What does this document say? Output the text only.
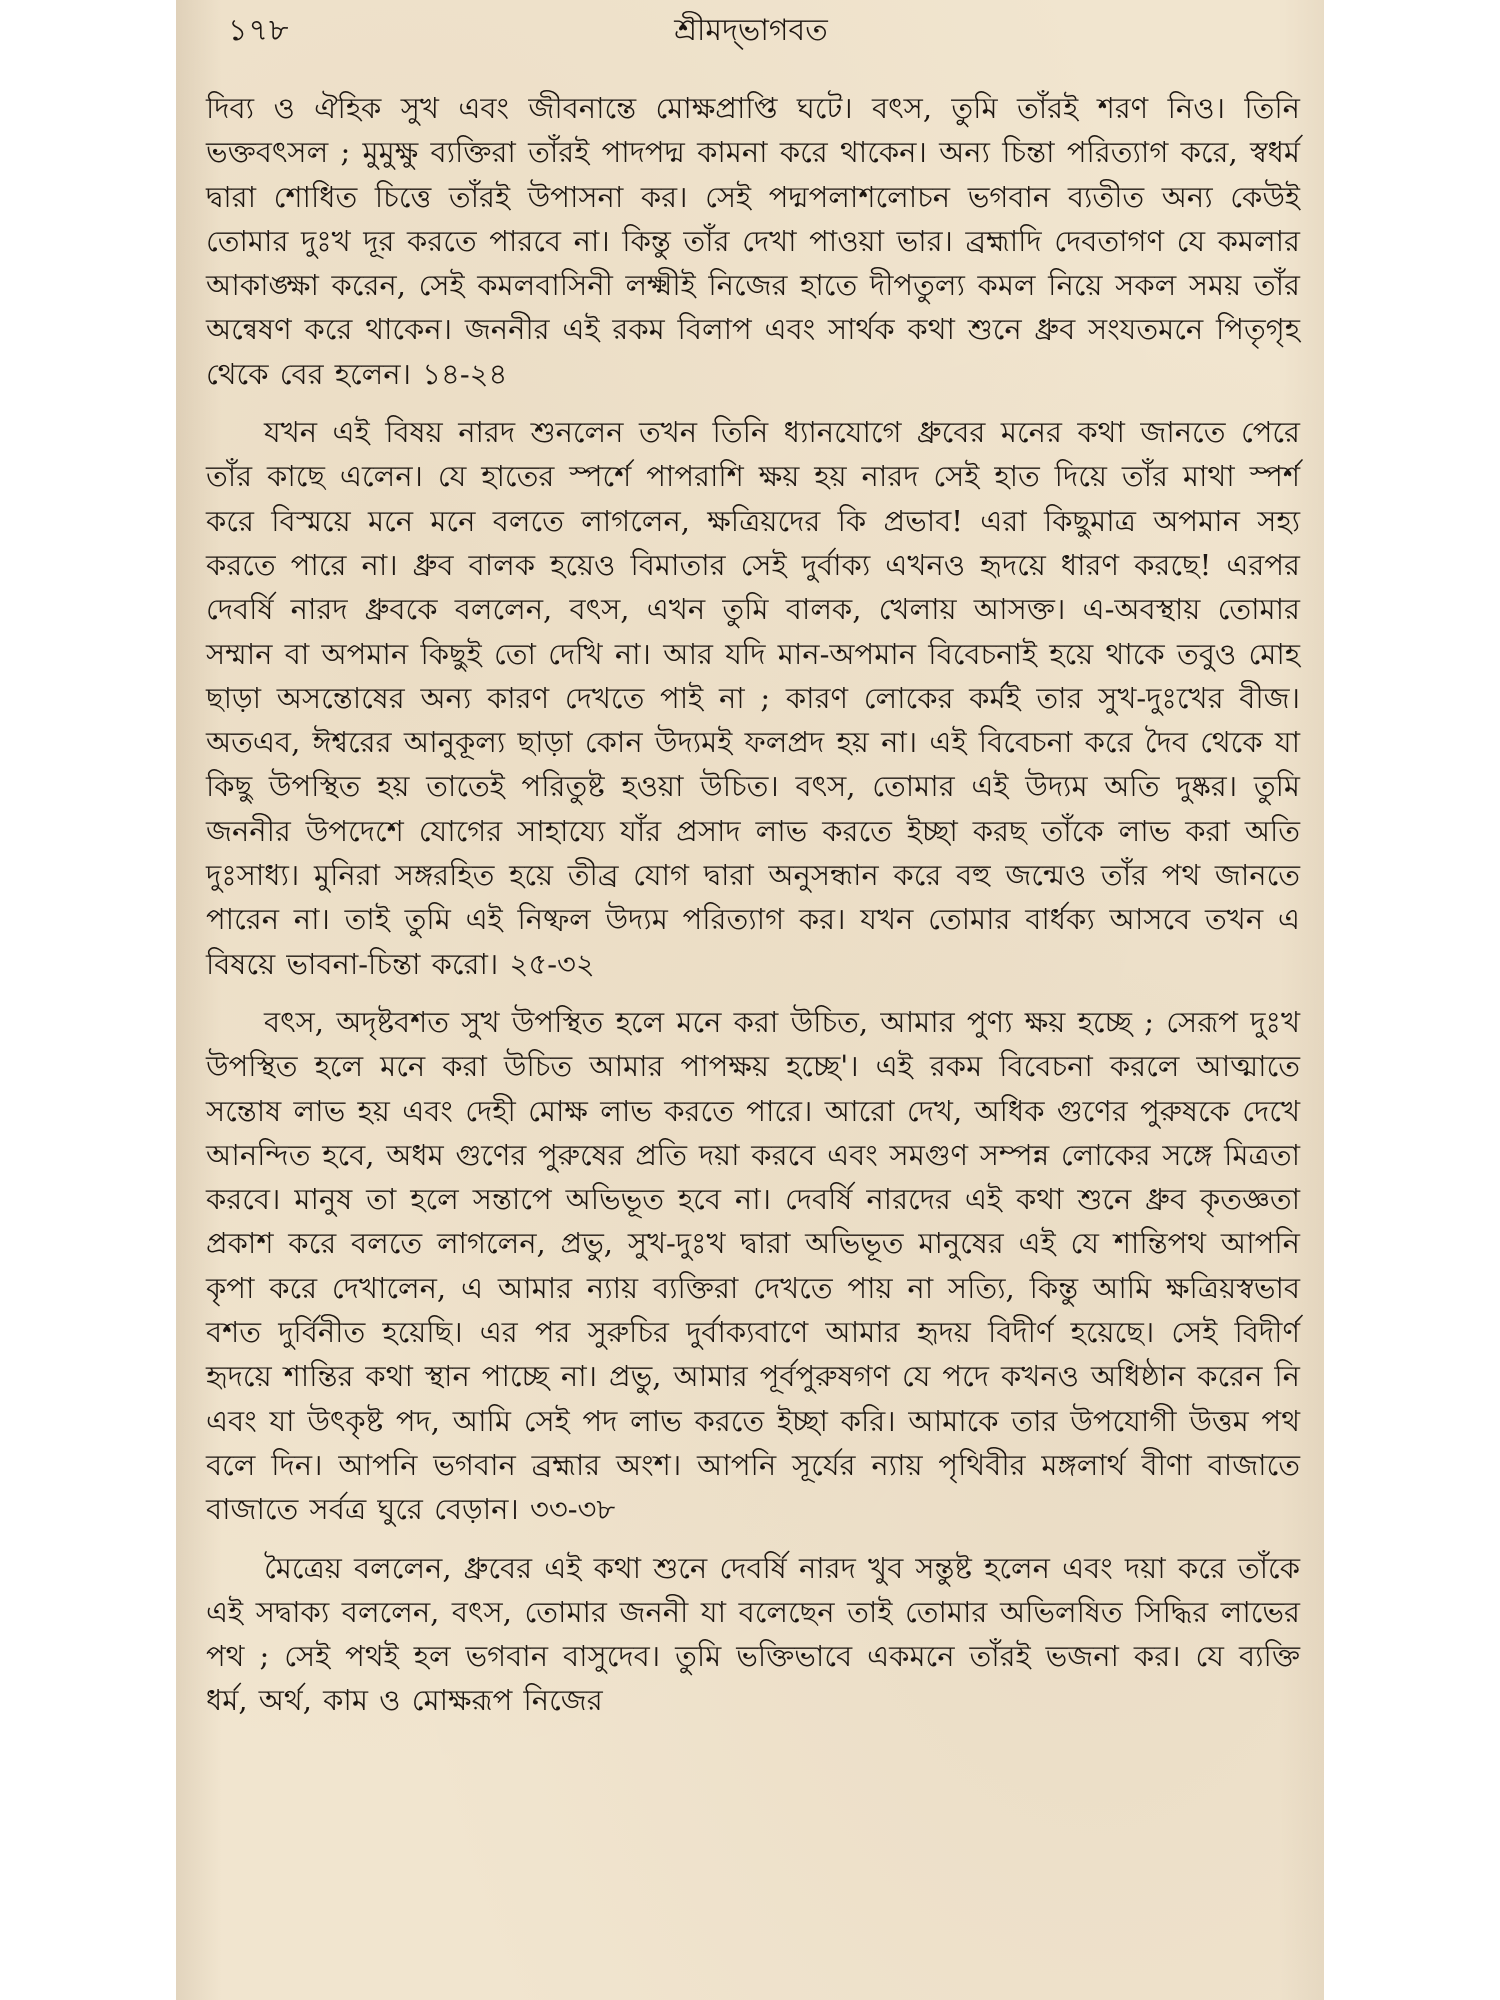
১৭৮	শ্রীমদ্‌ভাগবত

দিব্য ও ঐহিক সুখ এবং জীবনান্তে মোক্ষপ্রাপ্তি ঘটে। বৎস, তুমি তাঁরই শরণ নিও। তিনি ভক্তবৎসল ; মুমুক্ষু ব্যক্তিরা তাঁরই পাদপদ্ম কামনা করে থাকেন। অন্য চিন্তা পরিত্যাগ করে, স্বধর্ম দ্বারা শোধিত চিত্তে তাঁরই উপাসনা কর। সেই পদ্মপলাশলোচন ভগবান ব্যতীত অন্য কেউই তোমার দুঃখ দূর করতে পারবে না। কিন্তু তাঁর দেখা পাওয়া ভার। ব্রহ্মাদি দেবতাগণ যে কমলার আকাঙ্ক্ষা করেন, সেই কমলবাসিনী লক্ষ্মীই নিজের হাতে দীপতুল্য কমল নিয়ে সকল সময় তাঁর অন্বেষণ করে থাকেন। জননীর এই রকম বিলাপ এবং সার্থক কথা শুনে ধ্রুব সংযতমনে পিতৃগৃহ থেকে বের হলেন। ১৪-২৪

যখন এই বিষয় নারদ শুনলেন তখন তিনি ধ্যানযোগে ধ্রুবের মনের কথা জানতে পেরে তাঁর কাছে এলেন। যে হাতের স্পর্শে পাপরাশি ক্ষয় হয় নারদ সেই হাত দিয়ে তাঁর মাথা স্পর্শ করে বিস্ময়ে মনে মনে বলতে লাগলেন, ক্ষত্রিয়দের কি প্রভাব! এরা কিছুমাত্র অপমান সহ্য করতে পারে না। ধ্রুব বালক হয়েও বিমাতার সেই দুর্বাক্য এখনও হৃদয়ে ধারণ করছে! এরপর দেবর্ষি নারদ ধ্রুবকে বললেন, বৎস, এখন তুমি বালক, খেলায় আসক্ত। এ-অবস্থায় তোমার সম্মান বা অপমান কিছুই তো দেখি না। আর যদি মান-অপমান বিবেচনাই হয়ে থাকে তবুও মোহ ছাড়া অসন্তোষের অন্য কারণ দেখতে পাই না ; কারণ লোকের কর্মই তার সুখ-দুঃখের বীজ। অতএব, ঈশ্বরের আনুকূল্য ছাড়া কোন উদ্যমই ফলপ্রদ হয় না। এই বিবেচনা করে দৈব থেকে যা কিছু উপস্থিত হয় তাতেই পরিতুষ্ট হওয়া উচিত। বৎস, তোমার এই উদ্যম অতি দুষ্কর। তুমি জননীর উপদেশে যোগের সাহায্যে যাঁর প্রসাদ লাভ করতে ইচ্ছা করছ তাঁকে লাভ করা অতি দুঃসাধ্য। মুনিরা সঙ্গরহিত হয়ে তীব্র যোগ দ্বারা অনুসন্ধান করে বহু জন্মেও তাঁর পথ জানতে পারেন না। তাই তুমি এই নিষ্ফল উদ্যম পরিত্যাগ কর। যখন তোমার বার্ধক্য আসবে তখন এ বিষয়ে ভাবনা-চিন্তা করো। ২৫-৩২

বৎস, অদৃষ্টবশত সুখ উপস্থিত হলে মনে করা উচিত, আমার পুণ্য ক্ষয় হচ্ছে ; সেরূপ দুঃখ উপস্থিত হলে মনে করা উচিত আমার পাপক্ষয় হচ্ছে'। এই রকম বিবেচনা করলে আত্মাতে সন্তোষ লাভ হয় এবং দেহী মোক্ষ লাভ করতে পারে। আরো দেখ, অধিক গুণের পুরুষকে দেখে আনন্দিত হবে, অধম গুণের পুরুষের প্রতি দয়া করবে এবং সমগুণ সম্পন্ন লোকের সঙ্গে মিত্রতা করবে। মানুষ তা হলে সন্তাপে অভিভূত হবে না। দেবর্ষি নারদের এই কথা শুনে ধ্রুব কৃতজ্ঞতা প্রকাশ করে বলতে লাগলেন, প্রভু, সুখ-দুঃখ দ্বারা অভিভূত মানুষের এই যে শান্তিপথ আপনি কৃপা করে দেখালেন, এ আমার ন্যায় ব্যক্তিরা দেখতে পায় না সত্যি, কিন্তু আমি ক্ষত্রিয়স্বভাব বশত দুর্বিনীত হয়েছি। এর পর সুরুচির দুর্বাক্যবাণে আমার হৃদয় বিদীর্ণ হয়েছে। সেই বিদীর্ণ হৃদয়ে শান্তির কথা স্থান পাচ্ছে না। প্রভু, আমার পূর্বপুরুষগণ যে পদে কখনও অধিষ্ঠান করেন নি এবং যা উৎকৃষ্ট পদ, আমি সেই পদ লাভ করতে ইচ্ছা করি। আমাকে তার উপযোগী উত্তম পথ বলে দিন। আপনি ভগবান ব্রহ্মার অংশ। আপনি সূর্যের ন্যায় পৃথিবীর মঙ্গলার্থ বীণা বাজাতে বাজাতে সর্বত্র ঘুরে বেড়ান। ৩৩-৩৮

মৈত্রেয় বললেন, ধ্রুবের এই কথা শুনে দেবর্ষি নারদ খুব সন্তুষ্ট হলেন এবং দয়া করে তাঁকে এই সদ্বাক্য বললেন, বৎস, তোমার জননী যা বলেছেন তাই তোমার অভিলষিত সিদ্ধির লাভের পথ ; সেই পথই হল ভগবান বাসুদেব। তুমি ভক্তিভাবে একমনে তাঁরই ভজনা কর। যে ব্যক্তি ধর্ম, অর্থ, কাম ও মোক্ষরূপ নিজের
